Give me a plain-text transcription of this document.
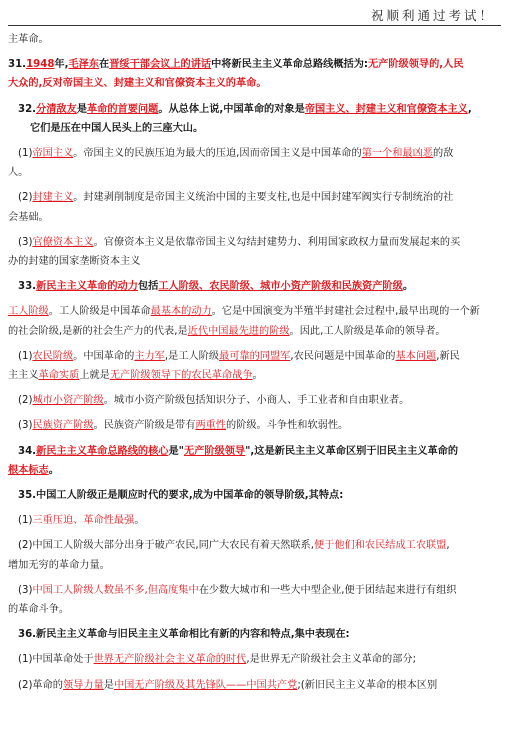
祝顺利通过考试！
主革命。
31.1948年,毛泽东在晋绥干部会议上的讲话中将新民主主义革命总路线概括为:无产阶级领导的,人民
大众的,反对帝国主义、封建主义和官僚资本主义的革命。
32.分清敌友是革命的首要问题。从总体上说,中国革命的对象是帝国主义、封建主义和官僚资本主义,
它们是压在中国人民头上的三座大山。
(1)帝国主义。帝国主义的民族压迫为最大的压迫,因而帝国主义是中国革命的第一个和最凶恶的敌
人。
(2)封建主义。封建剥削制度是帝国主义统治中国的主要支柱,也是中国封建军阀实行专制统治的社
会基础。
(3)官僚资本主义。官僚资本主义是依靠帝国主义勾结封建势力、利用国家政权力量而发展起来的买
办的封建的国家垄断资本主义
33.新民主主义革命的动力包括工人阶级、农民阶级、城市小资产阶级和民族资产阶级。
工人阶级。工人阶级是中国革命最基本的动力。它是中国演变为半殖半封建社会过程中,最早出现的一个新
的社会阶级,是新的社会生产力的代表,是近代中国最先进的阶级。因此,工人阶级是革命的领导者。
(1)农民阶级。中国革命的主力军,是工人阶级最可靠的同盟军,农民问题是中国革命的基本问题,新民
主主义革命实质上就是无产阶级领导下的农民革命战争。
(2)城市小资产阶级。城市小资产阶级包括知识分子、小商人、手工业者和自由职业者。
(3)民族资产阶级。民族资产阶级是带有两重性的阶级。斗争性和软弱性。
34.新民主主义革命总路线的核心是"无产阶级领导",这是新民主主义革命区别于旧民主主义革命的
根本标志。
35.中国工人阶级正是顺应时代的要求,成为中国革命的领导阶级,其特点:
(1)三重压迫、革命性最强。
(2)中国工人阶级大部分出身于破产农民,同广大农民有着天然联系,便于他们和农民结成工农联盟,
增加无穷的革命力量。
(3)中国工人阶级人数虽不多,但高度集中在少数大城市和一些大中型企业,便于团结起来进行有组织
的革命斗争。
36.新民主主义革命与旧民主主义革命相比有新的内容和特点,集中表现在:
(1)中国革命处于世界无产阶级社会主义革命的时代,是世界无产阶级社会主义革命的部分;
(2)革命的领导力量是中国无产阶级及其先锋队——中国共产党;(新旧民主主义革命的根本区别
